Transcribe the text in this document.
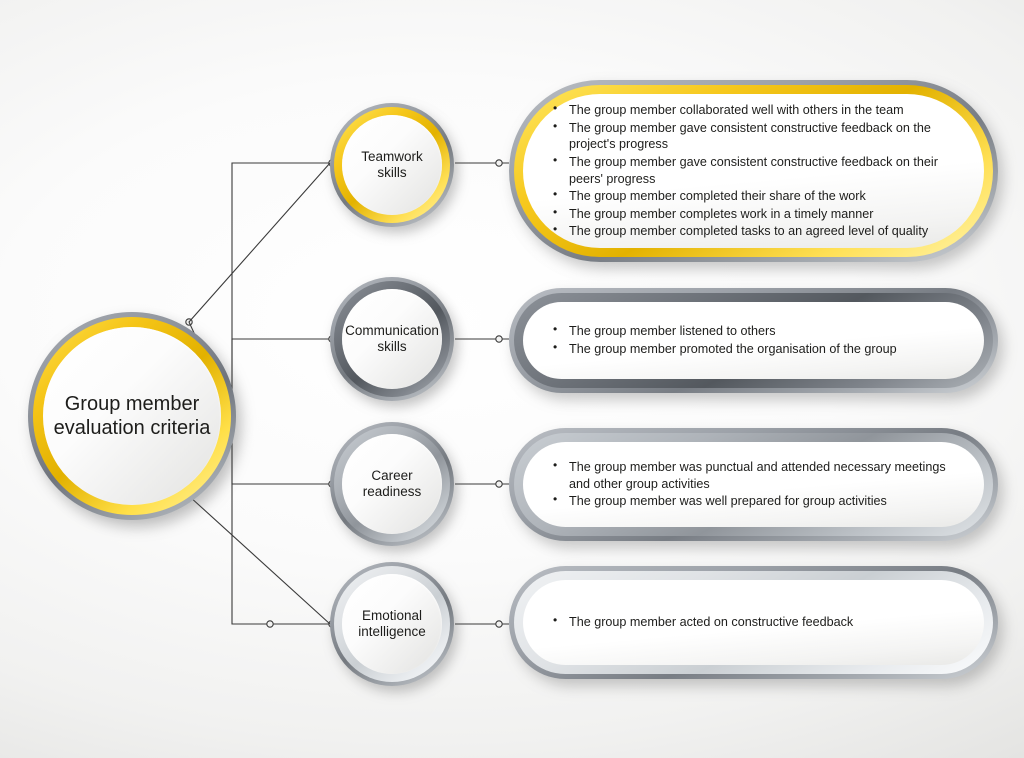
Group member evaluation criteria
Teamwork skills
Communication skills
Career readiness
Emotional intelligence
• The group member collaborated well with others in the team
• The group member gave consistent constructive feedback on the project's progress
• The group member gave consistent constructive feedback on their peers' progress
• The group member completed their share of the work
• The group member completes work in a timely manner
• The group member completed tasks to an agreed level of quality
• The group member listened to others
• The group member promoted the organisation of the group
• The group member was punctual and attended necessary meetings and other group activities
• The group member was well prepared for group activities
• The group member acted on constructive feedback
